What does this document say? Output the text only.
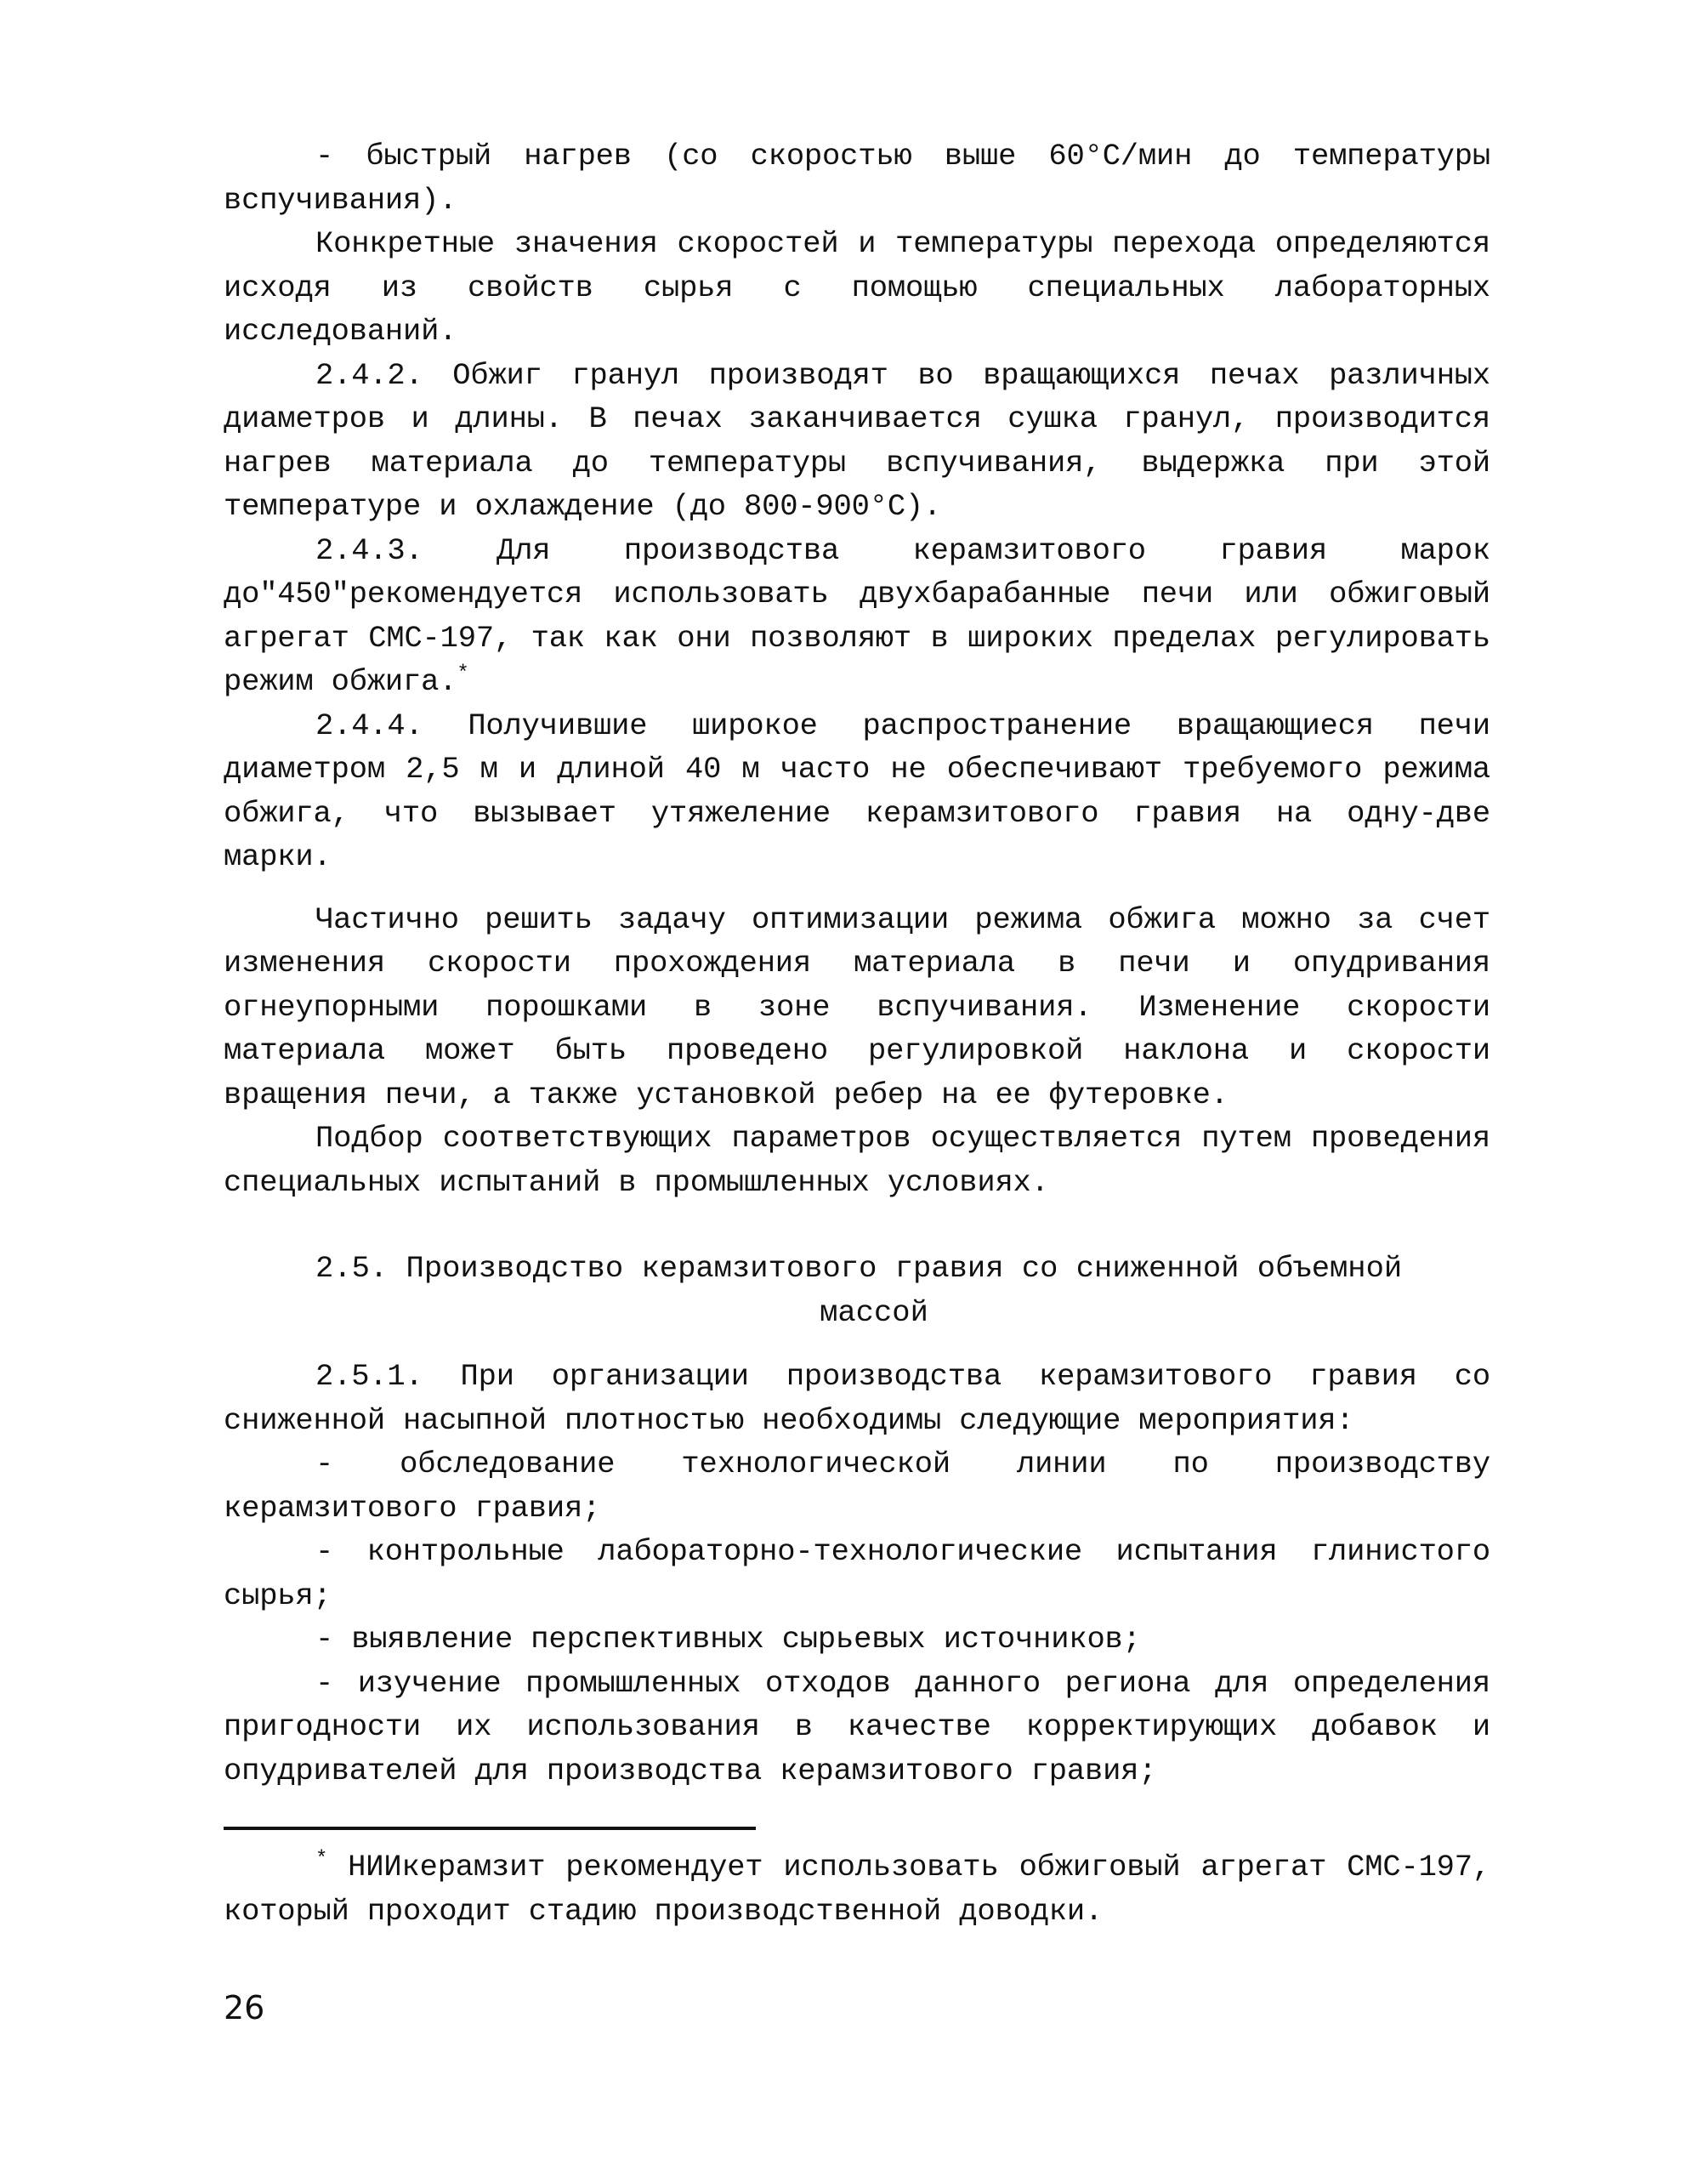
- быстрый нагрев (со скоростью выше 60°С/мин до температуры вспучивания).

Конкретные значения скоростей и температуры перехода определяются исходя из свойств сырья с помощью специальных лабораторных исследований.

2.4.2. Обжиг гранул производят во вращающихся печах различных диаметров и длины. В печах заканчивается сушка гранул, производится нагрев материала до температуры вспучивания, выдержка при этой температуре и охлаждение (до 800-900°С).

2.4.3. Для производства керамзитового гравия марок до"450"рекомендуется использовать двухбарабанные печи или обжиговый агрегат СМС-197, так как они позволяют в широких пределах регулировать режим обжига.*

2.4.4. Получившие широкое распространение вращающиеся печи диаметром 2,5 м и длиной 40 м часто не обеспечивают требуемого режима обжига, что вызывает утяжеление керамзитового гравия на одну-две марки.

Частично решить задачу оптимизации режима обжига можно за счет изменения скорости прохождения материала в печи и опудривания огнеупорными порошками в зоне вспучивания. Изменение скорости материала может быть проведено регулировкой наклона и скорости вращения печи, а также установкой ребер на ее футеровке.

Подбор соответствующих параметров осуществляется путем проведения специальных испытаний в промышленных условиях.

2.5. Производство керамзитового гравия со сниженной объемной
массой

2.5.1. При организации производства керамзитового гравия со сниженной насыпной плотностью необходимы следующие мероприятия:

- обследование технологической линии по производству керамзитового гравия;

- контрольные лабораторно-технологические испытания глинистого сырья;

- выявление перспективных сырьевых источников;

- изучение промышленных отходов данного региона для определения пригодности их использования в качестве корректирующих добавок и опудривателей для производства керамзитового гравия;

* НИИкерамзит рекомендует использовать обжиговый агрегат СМС-197, который проходит стадию производственной доводки.

26
